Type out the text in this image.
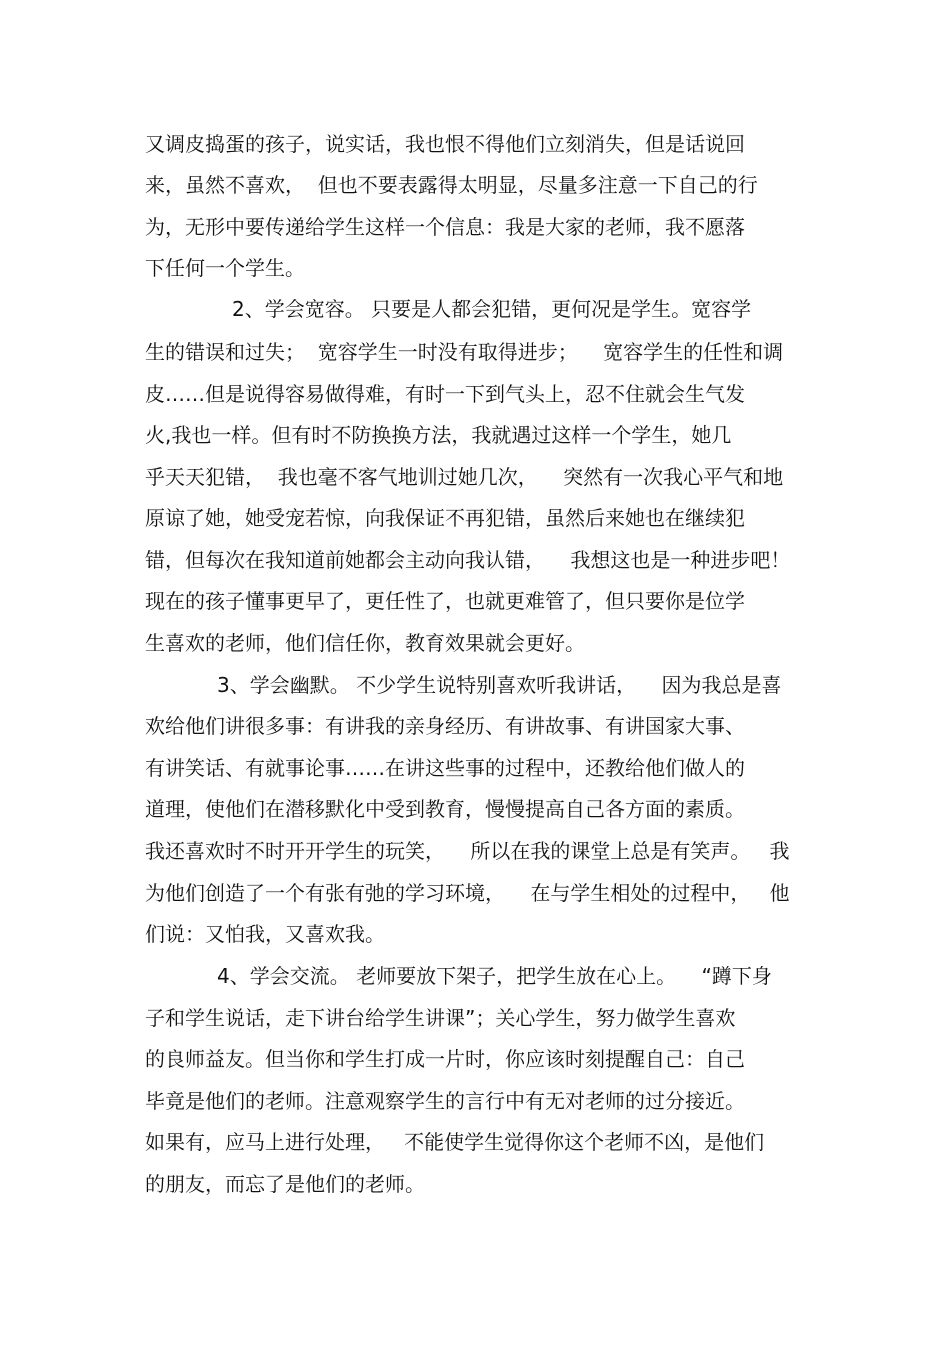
又调皮捣蛋的孩子，说实话，我也恨不得他们立刻消失，但是话说回
来，虽然不喜欢，  但也不要表露得太明显，尽量多注意一下自己的行
为，无形中要传递给学生这样一个信息：我是大家的老师，我不愿落
下任何一个学生。
2、学会宽容。 只要是人都会犯错，更何况是学生。宽容学
生的错误和过失；  宽容学生一时没有取得进步；    宽容学生的任性和调
皮……但是说得容易做得难，有时一下到气头上，忍不住就会生气发
火,我也一样。但有时不防换换方法，我就遇过这样一个学生，她几
乎天天犯错，  我也毫不客气地训过她几次，    突然有一次我心平气和地
原谅了她，她受宠若惊，向我保证不再犯错，虽然后来她也在继续犯
错，但每次在我知道前她都会主动向我认错，    我想这也是一种进步吧！
现在的孩子懂事更早了，更任性了，也就更难管了，但只要你是位学
生喜欢的老师，他们信任你，教育效果就会更好。
3、学会幽默。 不少学生说特别喜欢听我讲话，    因为我总是喜
欢给他们讲很多事：有讲我的亲身经历、有讲故事、有讲国家大事、
有讲笑话、有就事论事……在讲这些事的过程中，还教给他们做人的
道理，使他们在潜移默化中受到教育，慢慢提高自己各方面的素质。
我还喜欢时不时开开学生的玩笑，    所以在我的课堂上总是有笑声。   我
为他们创造了一个有张有弛的学习环境，    在与学生相处的过程中，   他
们说：又怕我，又喜欢我。
4、学会交流。 老师要放下架子，把学生放在心上。    “蹲下身
子和学生说话，走下讲台给学生讲课”；关心学生，努力做学生喜欢
的良师益友。但当你和学生打成一片时，你应该时刻提醒自己：自己
毕竟是他们的老师。注意观察学生的言行中有无对老师的过分接近。
如果有，应马上进行处理，   不能使学生觉得你这个老师不凶，是他们
的朋友，而忘了是他们的老师。
